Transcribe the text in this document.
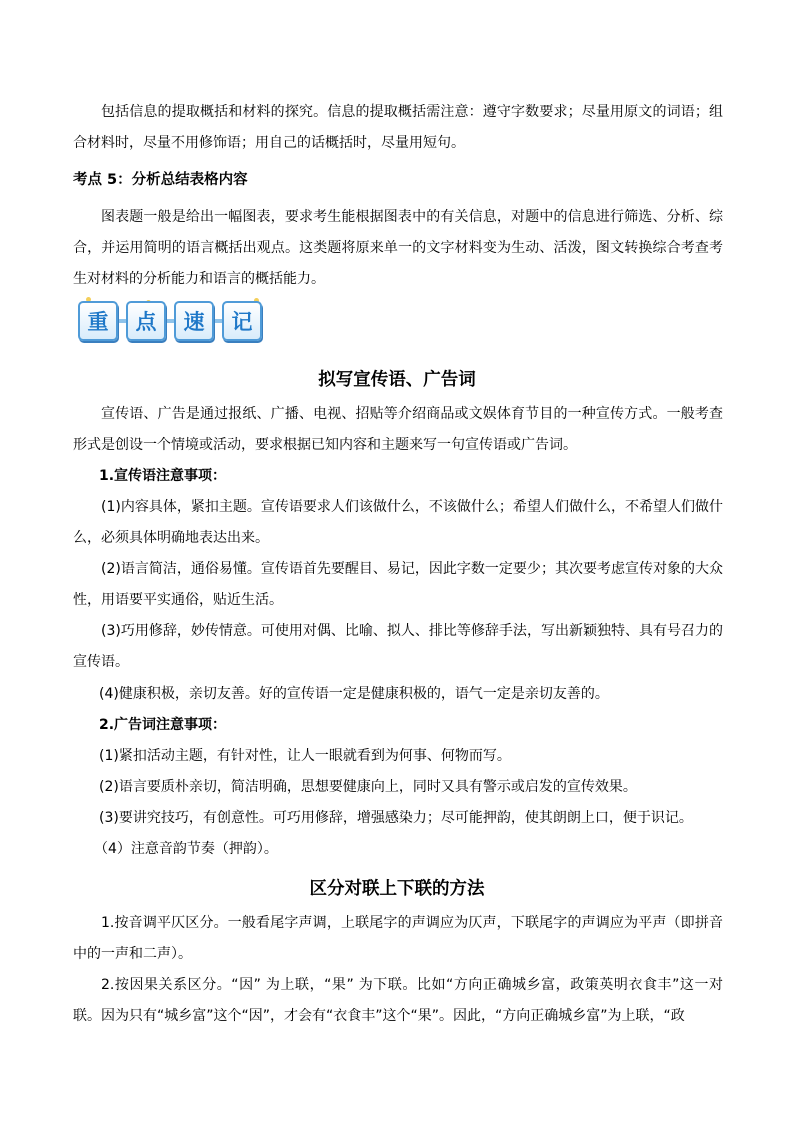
包括信息的提取概括和材料的探究。信息的提取概括需注意：遵守字数要求；尽量用原文的词语；组合材料时，尽量不用修饰语；用自己的话概括时，尽量用短句。

考点 5：分析总结表格内容

图表题一般是给出一幅图表，要求考生能根据图表中的有关信息，对题中的信息进行筛选、分析、综合，并运用简明的语言概括出观点。这类题将原来单一的文字材料变为生动、活泼，图文转换综合考查考生对材料的分析能力和语言的概括能力。

重	点	速	记
拟写宣传语、广告词

宣传语、广告是通过报纸、广播、电视、招贴等介绍商品或文娱体育节目的一种宣传方式。一般考查形式是创设一个情境或活动，要求根据已知内容和主题来写一句宣传语或广告词。

1.宣传语注意事项：

(1)内容具体，紧扣主题。宣传语要求人们该做什么，不该做什么；希望人们做什么，不希望人们做什么，必须具体明确地表达出来。

(2)语言简洁，通俗易懂。宣传语首先要醒目、易记，因此字数一定要少；其次要考虑宣传对象的大众性，用语要平实通俗，贴近生活。

(3)巧用修辞，妙传情意。可使用对偶、比喻、拟人、排比等修辞手法，写出新颖独特、具有号召力的宣传语。

(4)健康积极，亲切友善。好的宣传语一定是健康积极的，语气一定是亲切友善的。

2.广告词注意事项：

(1)紧扣活动主题，有针对性，让人一眼就看到为何事、何物而写。

(2)语言要质朴亲切，简洁明确，思想要健康向上，同时又具有警示或启发的宣传效果。

(3)要讲究技巧，有创意性。可巧用修辞，增强感染力；尽可能押韵，使其朗朗上口，便于识记。

（4）注意音韵节奏（押韵）。

区分对联上下联的方法

1.按音调平仄区分。一般看尾字声调，上联尾字的声调应为仄声，下联尾字的声调应为平声（即拼音中的一声和二声）。

2.按因果关系区分。“因” 为上联，“果” 为下联。比如“方向正确城乡富，政策英明衣食丰”这一对联。因为只有“城乡富”这个“因”，才会有“衣食丰”这个“果”。因此，“方向正确城乡富”为上联，“政
